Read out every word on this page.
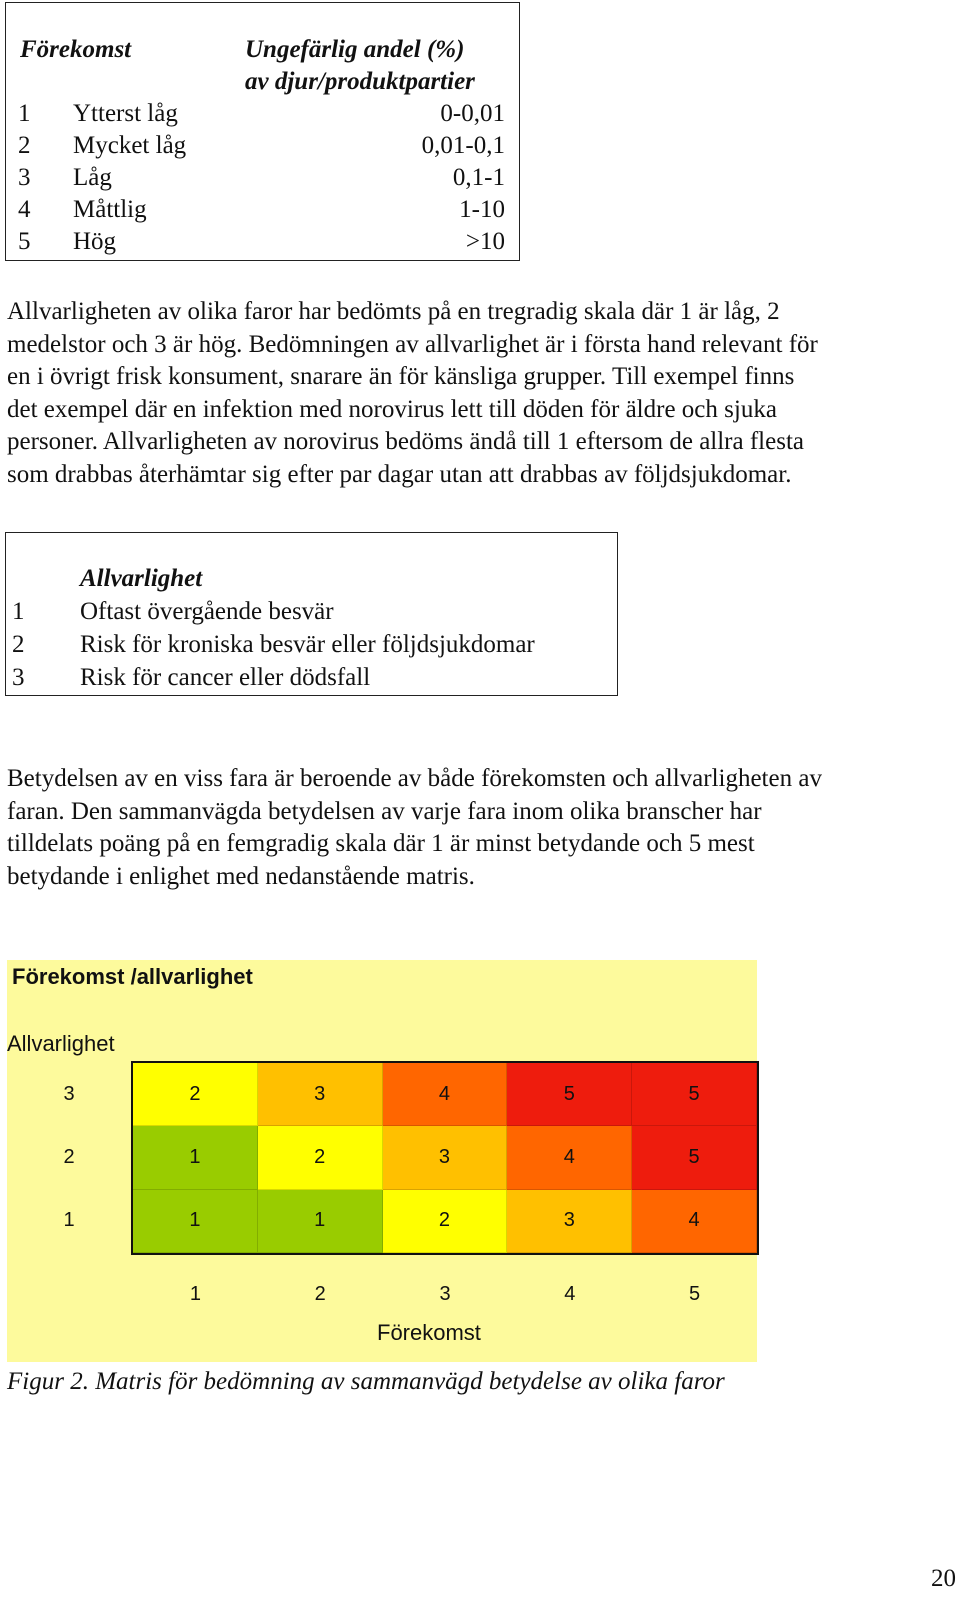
Förekomst	Ungefärlig andel (%)
av djur/produktpartier
1 Ytterst låg	0-0,01
2 Mycket låg	0,01-0,1
3 Låg	0,1-1
4 Måttlig	1-10
5 Hög	>10

Allvarligheten av olika faror har bedömts på en tregradig skala där 1 är låg, 2

medelstor och 3 är hög. Bedömningen av allvarlighet är i första hand relevant för

en i övrigt frisk konsument, snarare än för känsliga grupper. Till exempel finns

det exempel där en infektion med norovirus lett till döden för äldre och sjuka

personer. Allvarligheten av norovirus bedöms ändå till 1 eftersom de allra flesta

som drabbas återhämtar sig efter par dagar utan att drabbas av följdsjukdomar.

Allvarlighet
1 Oftast övergående besvär
2 Risk för kroniska besvär eller följdsjukdomar
3 Risk för cancer eller dödsfall

Betydelsen av en viss fara är beroende av både förekomsten och allvarligheten av

faran. Den sammanvägda betydelsen av varje fara inom olika branscher har

tilldelats poäng på en femgradig skala där 1 är minst betydande och 5 mest

betydande i enlighet med nedanstående matris.

Förekomst /allvarlighet
Allvarlighet
2	3	4	5	5
1	2	3	4	5
1	1	2	3	4
3
2
1
1	2	3	4	5
Förekomst
Figur 2. Matris för bedömning av sammanvägd betydelse av olika faror
20
